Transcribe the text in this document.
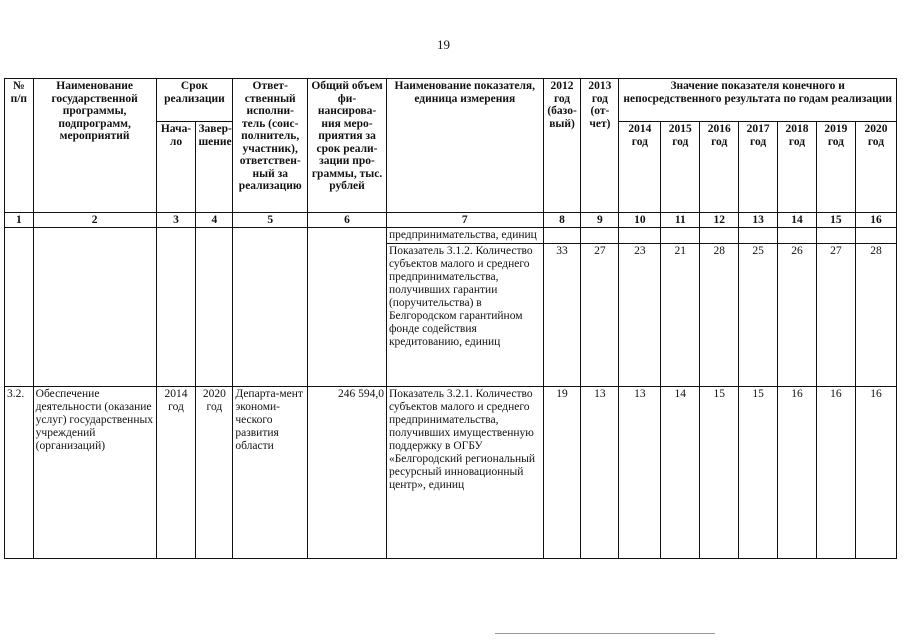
19
№ п/п	Наименование государственной программы, подпрограмм, мероприятий	Срок реализации		Ответ-ственный исполни-тель (соис-полнитель, участник), ответствен-ный за реализацию	Общий объем фи-нансирова-ния меро-приятия за срок реали-зации про-граммы, тыс. рублей	Наименование показателя, единица измерения	2012 год (базо-вый)	2013 год (от-чет)	Значение показателя конечного и непосредственного результата по годам реализации						
		Нача-ло	Завер-шение						2014 год	2015 год	2016 год	2017 год	2018 год	2019 год	2020 год
1	2	3	4	5	6	7	8	9	10	11	12	13	14	15	16
						предпринимательства, единиц									
						Показатель 3.1.2. Количество субъектов малого и среднего предпринимательства, получивших гарантии (поручительства) в Белгородском гарантийном фонде содействия кредитованию, единиц	33	27	23	21	28	25	26	27	28
3.2.	Обеспечение деятельности (оказание услуг) государственных учреждений (организаций)	2014 год	2020 год	Департа-мент экономи-ческого развития области	246 594,0	Показатель 3.2.1. Количество субъектов малого и среднего предпринимательства, получивших имущественную поддержку в ОГБУ «Белгородский региональный ресурсный инновационный центр», единиц	19	13	13	14	15	15	16	16	16
